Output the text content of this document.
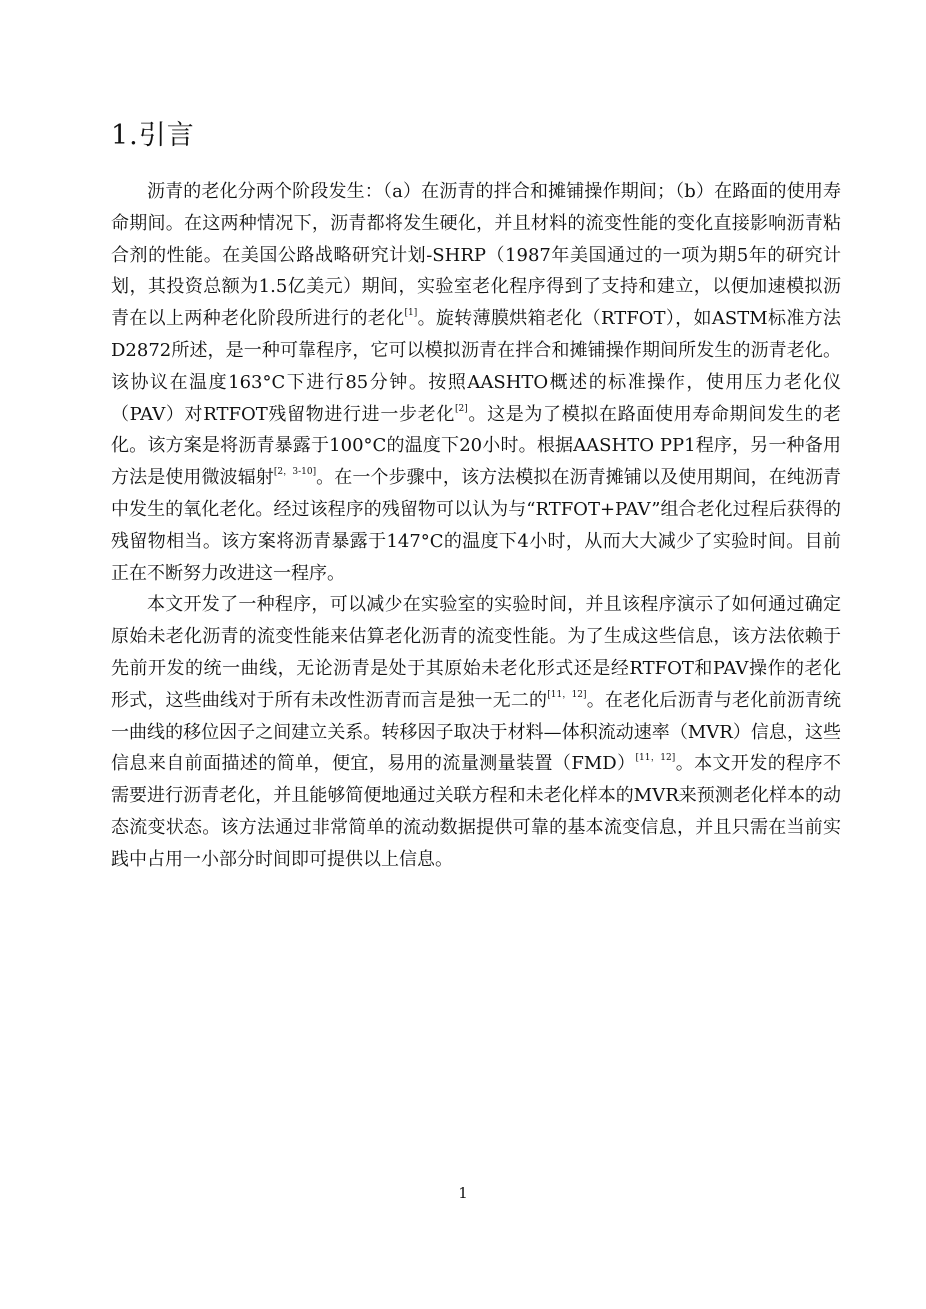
1.引言

沥青的老化分两个阶段发生：（a）在沥青的拌合和摊铺操作期间；（b）在路面的使用寿命期间。在这两种情况下，沥青都将发生硬化，并且材料的流变性能的变化直接影响沥青粘合剂的性能。在美国公路战略研究计划-SHRP（1987年美国通过的一项为期5年的研究计划，其投资总额为1.5亿美元）期间，实验室老化程序得到了支持和建立，以便加速模拟沥青在以上两种老化阶段所进行的老化[1]。旋转薄膜烘箱老化（RTFOT），如ASTM标准方法D2872所述，是一种可靠程序，它可以模拟沥青在拌合和摊铺操作期间所发生的沥青老化。该协议在温度163°C下进行85分钟。按照AASHTO概述的标准操作，使用压力老化仪（PAV）对RTFOT残留物进行进一步老化[2]。这是为了模拟在路面使用寿命期间发生的老化。该方案是将沥青暴露于100°C的温度下20小时。根据AASHTO PP1程序，另一种备用方法是使用微波辐射[2，3-10]。在一个步骤中，该方法模拟在沥青摊铺以及使用期间，在纯沥青中发生的氧化老化。经过该程序的残留物可以认为与“RTFOT+PAV”组合老化过程后获得的残留物相当。该方案将沥青暴露于147°C的温度下4小时，从而大大减少了实验时间。目前正在不断努力改进这一程序。

本文开发了一种程序，可以减少在实验室的实验时间，并且该程序演示了如何通过确定原始未老化沥青的流变性能来估算老化沥青的流变性能。为了生成这些信息，该方法依赖于先前开发的统一曲线，无论沥青是处于其原始未老化形式还是经RTFOT和PAV操作的老化形式，这些曲线对于所有未改性沥青而言是独一无二的[11，12]。在老化后沥青与老化前沥青统一曲线的移位因子之间建立关系。转移因子取决于材料—体积流动速率（MVR）信息，这些信息来自前面描述的简单，便宜，易用的流量测量装置（FMD）[11，12]。本文开发的程序不需要进行沥青老化，并且能够简便地通过关联方程和未老化样本的MVR来预测老化样本的动态流变状态。该方法通过非常简单的流动数据提供可靠的基本流变信息，并且只需在当前实践中占用一小部分时间即可提供以上信息。

1
